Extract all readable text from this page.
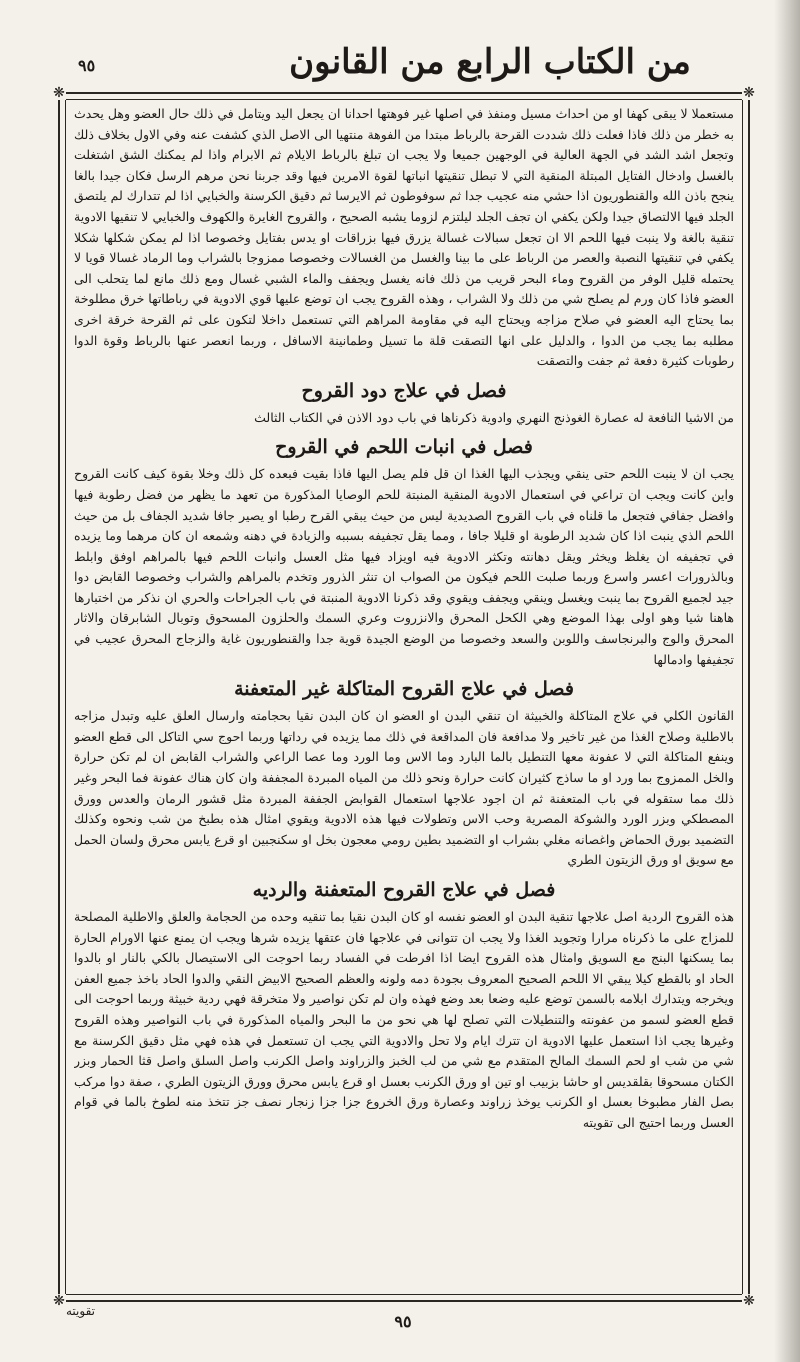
٩٥	من الكتاب الرابع من القانون
❋	❋
❋	❋

مستعملا لا يبقى كهفا او من احداث مسيل ومنفذ في اصلها غير فوهتها احدانا ان يجعل اليد ويتامل في ذلك حال العضو وهل يحدث به خطر من ذلك فاذا فعلت ذلك شددت القرحة بالرباط مبتدا من الفوهة منتهيا الى الاصل الذي كشفت عنه وفي الاول بخلاف ذلك وتجعل اشد الشد في الجهة العالية في الوجهين جميعا ولا يجب ان تبلغ بالرباط الايلام ثم الابرام واذا لم يمكنك الشق اشتغلت بالغسل وادخال الفتايل المبتلة المنقية التي لا تبطل تنقيتها انباتها لقوة الامرين فيها وقد جربنا نحن مرهم الرسل فكان جيدا بالغا ينجح باذن الله والقنطوريون اذا حشي منه عجيب جدا ثم سوفوطون ثم الايرسا ثم دقيق الكرسنة والخبايي اذا لم تتدارك لم يلتصق الجلد فيها الالتصاق جيدا ولكن يكفي ان تجف الجلد ليلتزم لزوما يشبه الصحيح ، والقروح الغايرة والكهوف والخبايي لا تنقيها الادوية تنقية بالغة ولا ينبت فيها اللحم الا ان تجعل سبالات غسالة يزرق فيها بزراقات او يدس بفتايل وخصوصا اذا لم يمكن شكلها شكلا يكفي في تنقيتها النصبة والعصر من الرباط على ما بينا والغسل من الغسالات وخصوصا ممزوجا بالشراب وما الرماد غسالا قويا لا يحتمله قليل الوفر من القروح وماء البحر قريب من ذلك فانه يغسل ويجفف والماء الشبي غسال ومع ذلك مانع لما يتحلب الى العضو فاذا كان ورم لم يصلح شي من ذلك ولا الشراب ، وهذه القروح يجب ان توضع عليها قوي الادوية في رباطاتها خرق مطلوخة بما يحتاج اليه العضو في صلاح مزاجه ويحتاج اليه في مقاومة المراهم التي تستعمل داخلا لتكون على ثم القرحة خرقة اخرى مطلبه بما يجب من الدوا ، والدليل على انها التصقت قلة ما تسيل وطمانينة الاسافل ، وربما انعصر عنها بالرباط وقوة الدوا رطوبات كثيرة دفعة ثم جفت والتصقت

فصل في علاج دود القروح

من الاشيا النافعة له عصارة الغوذنج النهري وادوية ذكرناها في باب دود الاذن في الكتاب الثالث

فصل في انبات اللحم في القروح

يجب ان لا ينبت اللحم حتى ينقي ويجذب اليها الغذا ان قل فلم يصل اليها فاذا بقيت فبعده كل ذلك وخلا بقوة كيف كانت القروح واين كانت ويجب ان تراعي في استعمال الادوية المنقية المنبتة للحم الوصايا المذكورة من تعهد ما يظهر من فضل رطوبة فيها وافضل جفافي فتجعل ما قلناه في باب القروح الصديدية ليس من حيث يبقي القرح رطبا او يصير جافا شديد الجفاف بل من حيث اللحم الذي ينبت اذا كان شديد الرطوبة او قليلا جافا ، ومما يقل تجفيفه بسببه والزيادة في دهنه وشمعه ان كان مرهما وما يزيده في تجفيفه ان يغلظ ويخثر ويقل دهانته وتكثر الادوية فيه اويزاد فيها مثل العسل وانبات اللحم فيها بالمراهم اوفق وابلط وبالذرورات اعسر واسرع وربما صلبت اللحم فيكون من الصواب ان تنثر الذرور وتخدم بالمراهم والشراب وخصوصا القابض دوا جيد لجميع القروح بما ينبت ويغسل وينقي ويجفف ويقوي وقد ذكرنا الادوية المنبتة في باب الجراحات والحري ان نذكر من اختبارها هاهنا شيا وهو اولى بهذا الموضع وهي الكحل المحرق والانزروت وعري السمك والحلزون المسحوق وتوبال الشابرقان والاثار المحرق والوج والبرنجاسف واللوبن والسعد وخصوصا من الوضع الجيدة قوية جدا والقنطوريون غاية والزجاج المحرق عجيب في تجفيفها وادمالها

فصل في علاج القروح المتاكلة غير المتعفنة

القانون الكلي في علاج المتاكلة والخبيثة ان تنقي البدن او العضو ان كان البدن نقيا بحجامته وارسال العلق عليه وتبدل مزاجه بالاطلية وصلاح الغذا من غير تاخير ولا مدافعة فان المداقعة في ذلك مما يزيده في رداتها وربما احوج سي التاكل الى قطع العضو وينفع المتاكلة التي لا عفونة معها التنطيل بالما البارد وما الاس وما الورد وما عصا الراعي والشراب القابض ان لم تكن حرارة والخل الممزوج بما ورد او ما ساذج كثيران كانت حرارة ونحو ذلك من المياه المبردة المجففة وان كان هناك عفونة فما البحر وغير ذلك مما ستقوله في باب المتعفنة ثم ان اجود علاجها استعمال القوابض الجففة المبردة مثل قشور الرمان والعدس وورق المصطكي وبزر الورد والشوكة المصرية وحب الاس وتطولات فيها هذه الادوية ويقوي امثال هذه بطبخ من شب ونحوه وكذلك التضميد بورق الحماض واغصانه مغلي بشراب او التضميد بطين رومي معجون بخل او سكنجبين او قرع يابس محرق ولسان الحمل مع سويق او ورق الزيتون الطري

فصل في علاج القروح المتعفنة والرديه

هذه القروح الردية اصل علاجها تنقية البدن او العضو نفسه او كان البدن نقيا بما تنقيه وحده من الحجامة والعلق والاطلية المصلحة للمزاج على ما ذكرناه مرارا وتجويد الغذا ولا يجب ان تتوانى في علاجها فان عتقها يزيده شرها ويجب ان يمنع عنها الاورام الحارة بما يسكنها البنج مع السويق وامثال هذه القروح ايضا اذا افرطت في الفساد ربما احوجت الى الاستيصال بالكي بالنار او بالدوا الحاد او بالقطع كيلا يبقي الا اللحم الصحيح المعروف بجودة دمه ولونه والعظم الصحيح الابيض النقي والدوا الحاد باخذ جميع العفن ويخرجه ويتدارك ابلامه بالسمن توضع عليه وضعا بعد وضع فهذه وان لم تكن نواصير ولا متخرقة فهي ردية خبيثة وربما احوجت الى قطع العضو لسمو من عفونته والتنطيلات التي تصلح لها هي نحو من ما البحر والمياه المذكورة في باب النواصير وهذه القروح وغيرها يجب اذا استعمل عليها الادوية ان تترك ايام ولا تحل والادوية التي يجب ان تستعمل في هذه فهي مثل دقيق الكرسنة مع شي من شب او لحم السمك المالح المتقدم مع شي من لب الخبز والزراوند واصل الكرنب واصل السلق واصل قثا الحمار وبزر الكتان مسحوقا بقلقديس او حاشا بزبيب او تين او ورق الكرنب بعسل او قرع يابس محرق وورق الزيتون الطري ، صفة دوا مركب بصل الفار مطبوخا بعسل او الكرنب يوخذ زراوند وعصارة ورق الخروع جزا جزا زنجار نصف جز تتخذ منه لطوخ بالما في قوام العسل وربما احتيج الى تقويته

تقويته
٩٥
